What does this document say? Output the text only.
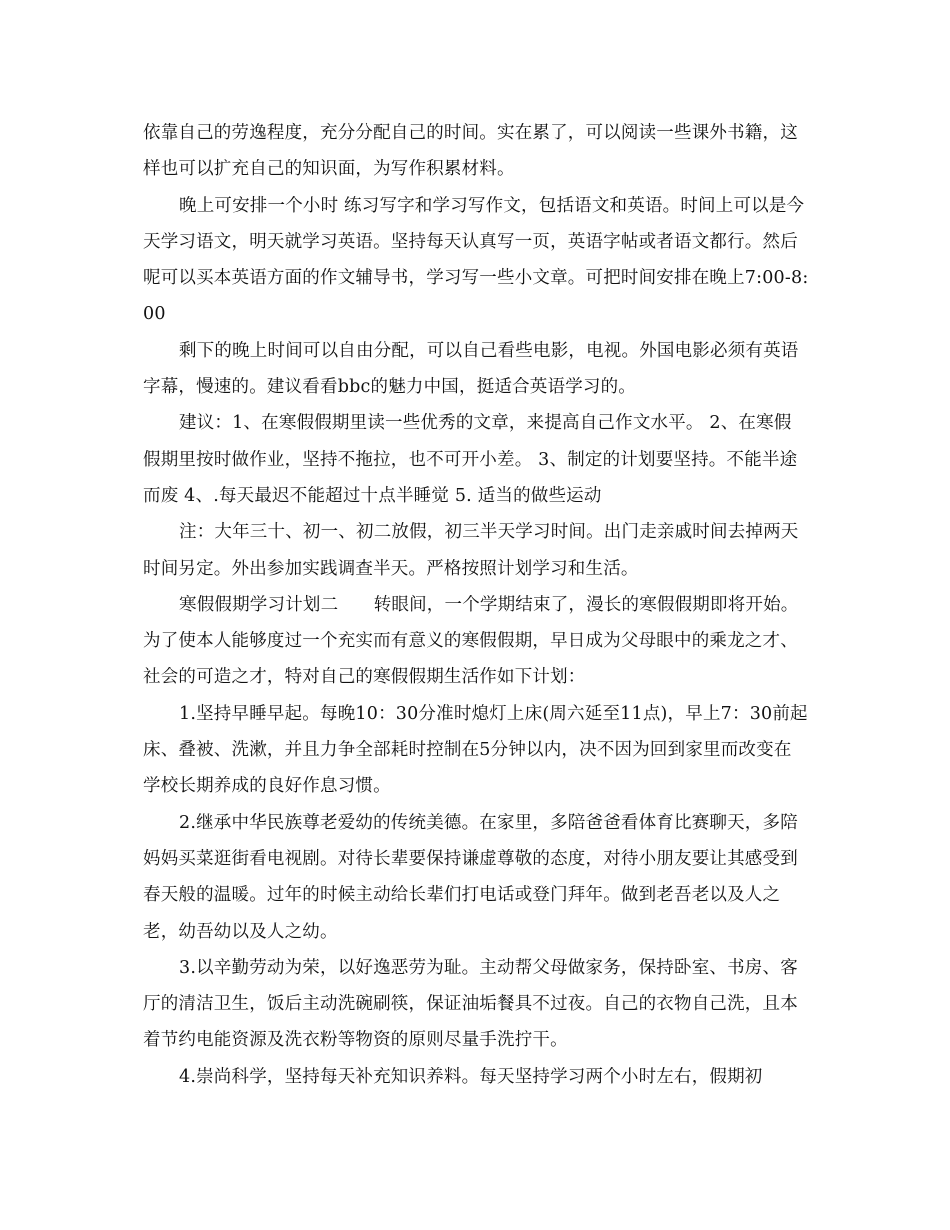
依靠自己的劳逸程度，充分分配自己的时间。实在累了，可以阅读一些课外书籍，这样也可以扩充自己的知识面，为写作积累材料。

晚上可安排一个小时 练习写字和学习写作文，包括语文和英语。时间上可以是今天学习语文，明天就学习英语。坚持每天认真写一页，英语字帖或者语文都行。然后呢可以买本英语方面的作文辅导书，学习写一些小文章。可把时间安排在晚上7:00-8:00

剩下的晚上时间可以自由分配，可以自己看些电影，电视。外国电影必须有英语字幕，慢速的。建议看看bbc的魅力中国，挺适合英语学习的。

建议：1、在寒假假期里读一些优秀的文章，来提高自己作文水平。 2、在寒假假期里按时做作业，坚持不拖拉，也不可开小差。 3、制定的计划要坚持。不能半途而废 4、.每天最迟不能超过十点半睡觉 5. 适当的做些运动

注：大年三十、初一、初二放假，初三半天学习时间。出门走亲戚时间去掉两天时间另定。外出参加实践调查半天。严格按照计划学习和生活。

寒假假期学习计划二　　转眼间，一个学期结束了，漫长的寒假假期即将开始。为了使本人能够度过一个充实而有意义的寒假假期，早日成为父母眼中的乘龙之才、社会的可造之才，特对自己的寒假假期生活作如下计划：

1.坚持早睡早起。每晚10：30分准时熄灯上床(周六延至11点)，早上7：30前起床、叠被、洗漱，并且力争全部耗时控制在5分钟以内，决不因为回到家里而改变在学校长期养成的良好作息习惯。

2.继承中华民族尊老爱幼的传统美德。在家里，多陪爸爸看体育比赛聊天，多陪妈妈买菜逛街看电视剧。对待长辈要保持谦虚尊敬的态度，对待小朋友要让其感受到春天般的温暖。过年的时候主动给长辈们打电话或登门拜年。做到老吾老以及人之老，幼吾幼以及人之幼。

3.以辛勤劳动为荣，以好逸恶劳为耻。主动帮父母做家务，保持卧室、书房、客厅的清洁卫生，饭后主动洗碗刷筷，保证油垢餐具不过夜。自己的衣物自己洗，且本着节约电能资源及洗衣粉等物资的原则尽量手洗拧干。

4.崇尚科学，坚持每天补充知识养料。每天坚持学习两个小时左右，假期初
